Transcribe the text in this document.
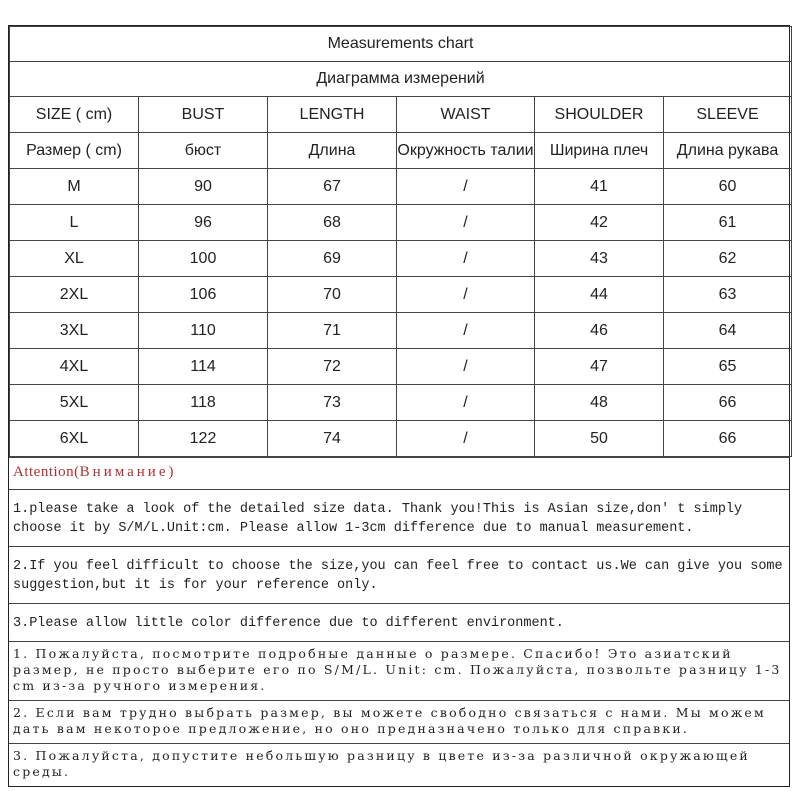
Measurements chart					
Диаграмма измерений					
SIZE ( cm)	BUST	LENGTH	WAIST	SHOULDER	SLEEVE
Размер ( cm)	бюст	Длина	Окружность талии	Ширина плеч	Длина рукава
M	90	67	/	41	60
L	96	68	/	42	61
XL	100	69	/	43	62
2XL	106	70	/	44	63
3XL	110	71	/	46	64
4XL	114	72	/	47	65
5XL	118	73	/	48	66
6XL	122	74	/	50	66
Attention(Внимание)
1.please take a look of the detailed size data. Thank you!This is Asian size,don' t simply choose it by S/M/L.Unit:cm. Please allow 1-3cm difference due to manual measurement.
2.If you feel difficult to choose the size,you can feel free to contact us.We can give you some suggestion,but it is for your reference only.
3.Please allow little color difference due to different environment.
1. Пожалуйста, посмотрите подробные данные о размере. Спасибо! Это азиатский размер, не просто выберите его по S/M/L. Unit: cm. Пожалуйста, позвольте разницу 1-3 cm из-за ручного измерения.
2. Если вам трудно выбрать размер, вы можете свободно связаться с нами. Мы можем дать вам некоторое предложение, но оно предназначено только для справки.
3. Пожалуйста, допустите небольшую разницу в цвете из-за различной окружающей среды.
